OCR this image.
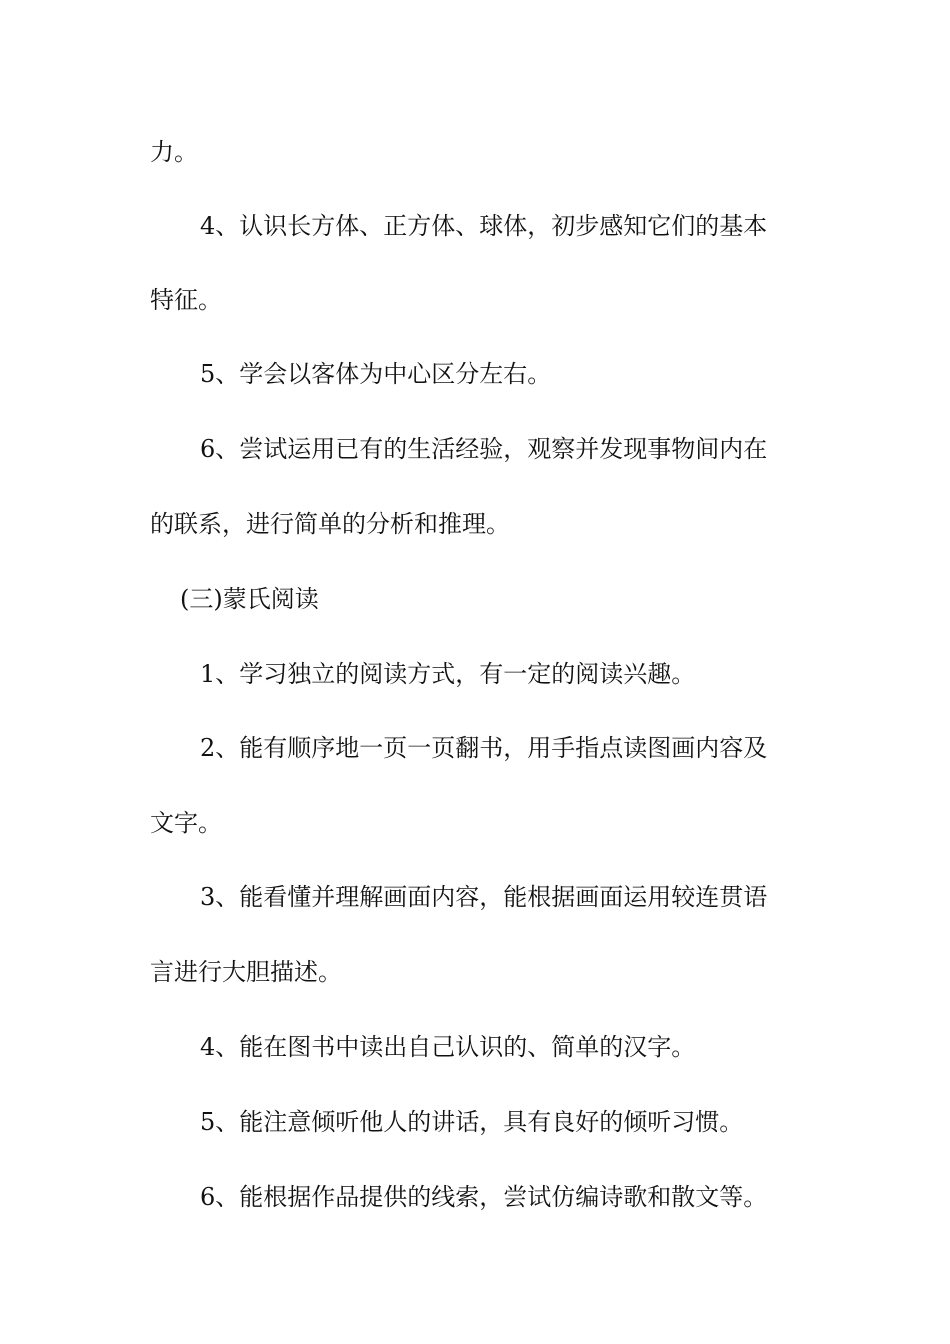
力。
4、认识长方体、正方体、球体，初步感知它们的基本
特征。
5、学会以客体为中心区分左右。
6、尝试运用已有的生活经验，观察并发现事物间内在
的联系，进行简单的分析和推理。
(三)蒙氏阅读
1、学习独立的阅读方式，有一定的阅读兴趣。
2、能有顺序地一页一页翻书，用手指点读图画内容及
文字。
3、能看懂并理解画面内容，能根据画面运用较连贯语
言进行大胆描述。
4、能在图书中读出自己认识的、简单的汉字。
5、能注意倾听他人的讲话，具有良好的倾听习惯。
6、能根据作品提供的线索，尝试仿编诗歌和散文等。
